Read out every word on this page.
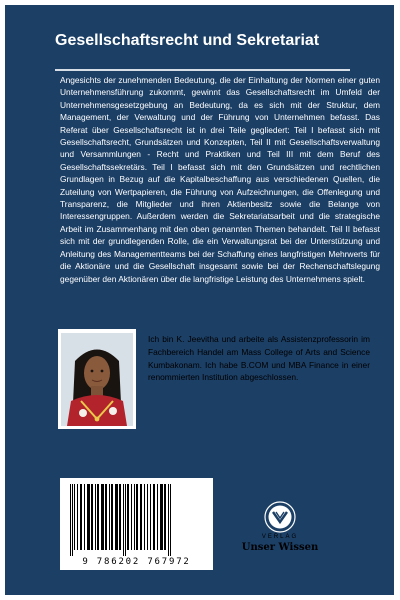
Gesellschaftsrecht und Sekretariat

Angesichts der zunehmenden Bedeutung, die der Einhaltung der Normen einer guten Unternehmensführung zukommt, gewinnt das Gesellschaftsrecht im Umfeld der Unternehmensgesetzgebung an Bedeutung, da es sich mit der Struktur, dem Management, der Verwaltung und der Führung von Unternehmen befasst. Das Referat über Gesellschaftsrecht ist in drei Teile gegliedert: Teil I befasst sich mit Gesellschaftsrecht, Grundsätzen und Konzepten, Teil II mit Gesellschaftsverwaltung und Versammlungen - Recht und Praktiken und Teil III mit dem Beruf des Gesellschaftssekretärs. Teil I befasst sich mit den Grundsätzen und rechtlichen Grundlagen in Bezug auf die Kapitalbeschaffung aus verschiedenen Quellen, die Zuteilung von Wertpapieren, die Führung von Aufzeichnungen, die Offenlegung und Transparenz, die Mitglieder und ihren Aktienbesitz sowie die Belange von Interessengruppen. Außerdem werden die Sekretariatsarbeit und die strategische Arbeit im Zusammenhang mit den oben genannten Themen behandelt. Teil II befasst sich mit der grundlegenden Rolle, die ein Verwaltungsrat bei der Unterstützung und Anleitung des Managementteams bei der Schaffung eines langfristigen Mehrwerts für die Aktionäre und die Gesellschaft insgesamt sowie bei der Rechenschaftslegung gegenüber den Aktionären über die langfristige Leistung des Unternehmens spielt.

Ich bin K. Jeevitha und arbeite als Assistenzprofessorin im Fachbereich Handel am Mass College of Arts and Science Kumbakonam. Ich habe B.COM und MBA Finance in einer renommierten Institution abgeschlossen.

9 786202 767972
VERLAG
Unser Wissen
